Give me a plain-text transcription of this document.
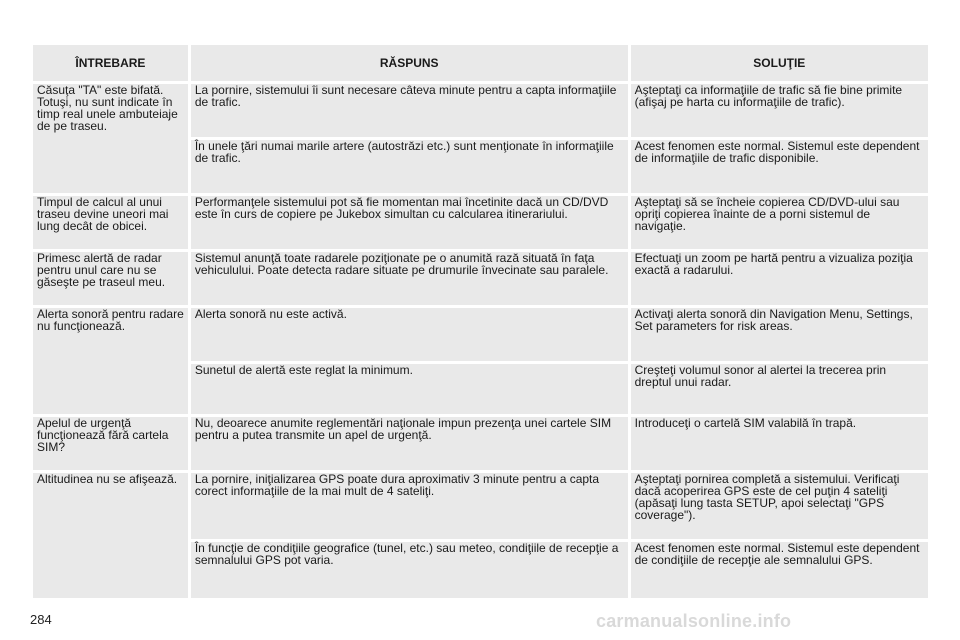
ÎNTREBARE	RĂSPUNS	SOLUŢIE
Căsuţa "TA" este bifată. Totuşi, nu sunt indicate în timp real unele ambuteiaje de pe traseu.	La pornire, sistemului îi sunt necesare câteva minute pentru a capta informaţiile de trafic.	Aşteptaţi ca informaţiile de trafic să fie bine primite (afişaj pe harta cu informaţiile de trafic).
	În unele ţări numai marile artere (autostrăzi etc.) sunt menţionate în informaţiile de trafic.	Acest fenomen este normal. Sistemul este dependent de informaţiile de trafic disponibile.
Timpul de calcul al unui traseu devine uneori mai lung decât de obicei.	Performanţele sistemului pot să fie momentan mai încetinite dacă un CD/DVD este în curs de copiere pe Jukebox simultan cu calcularea itinerariului.	Aşteptaţi să se încheie copierea CD/DVD-ului sau opriţi copierea înainte de a porni sistemul de navigaţie.
Primesc alertă de radar pentru unul care nu se găseşte pe traseul meu.	Sistemul anunţă toate radarele poziţionate pe o anumită rază situată în faţa vehiculului. Poate detecta radare situate pe drumurile învecinate sau paralele.	Efectuaţi un zoom pe hartă pentru a vizualiza poziţia exactă a radarului.
Alerta sonoră pentru radare nu funcţionează.	Alerta sonoră nu este activă.	Activaţi alerta sonoră din Navigation Menu, Settings, Set parameters for risk areas.
	Sunetul de alertă este reglat la minimum.	Creşteţi volumul sonor al alertei la trecerea prin dreptul unui radar.
Apelul de urgenţă funcţionează fără cartela SIM?	Nu, deoarece anumite reglementări naţionale impun prezenţa unei cartele SIM pentru a putea transmite un apel de urgenţă.	Introduceţi o cartelă SIM valabilă în trapă.
Altitudinea nu se afişează.	La pornire, iniţializarea GPS poate dura aproximativ 3 minute pentru a capta corect informaţiile de la mai mult de 4 sateliţi.	Aşteptaţi pornirea completă a sistemului. Verificaţi dacă acoperirea GPS este de cel puţin 4 sateliţi (apăsaţi lung tasta SETUP, apoi selectaţi "GPS coverage").
	În funcţie de condiţiile geografice (tunel, etc.) sau meteo, condiţiile de recepţie a semnalului GPS pot varia.	Acest fenomen este normal. Sistemul este dependent de condiţiile de recepţie ale semnalului GPS.
284	carmanualsonline.info
